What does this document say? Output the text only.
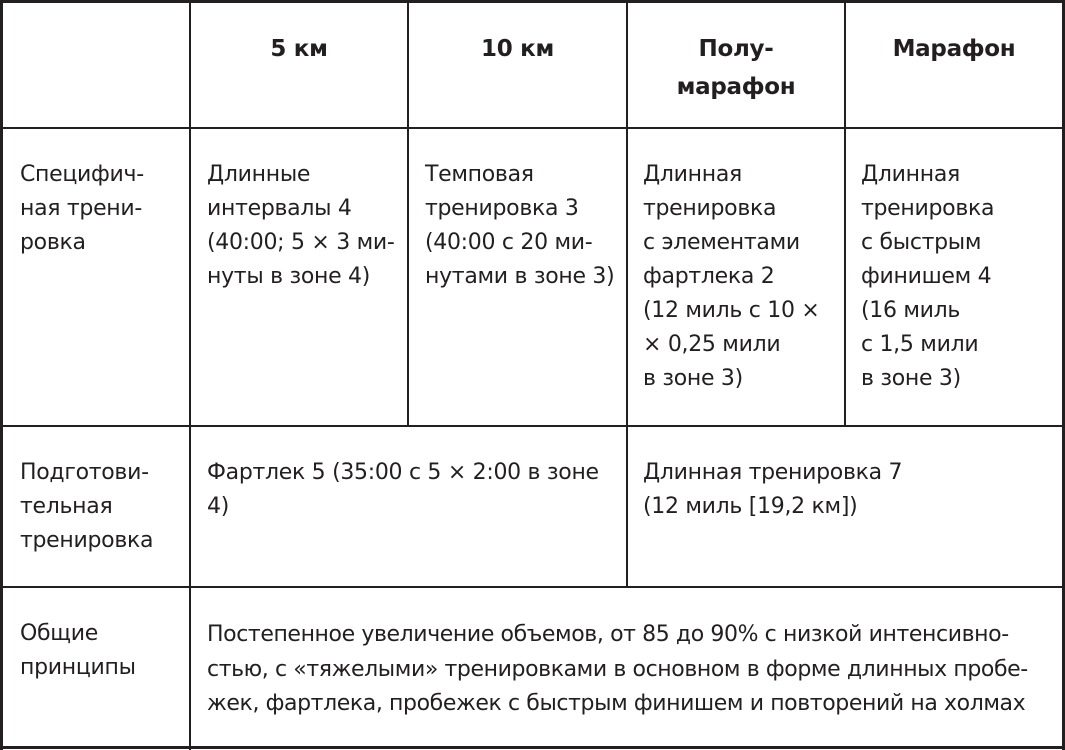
5 км	10 км	Полу-
марафон
Марафон
Специфич-
ная трени-
ровка
Длинные
интервалы 4
(40:00; 5 × 3 ми-
нуты в зоне 4)
Темповая
тренировка 3
(40:00 с 20 ми-
нутами в зоне 3)
Длинная
тренировка
с элементами
фартлека 2
(12 миль с 10 ×
× 0,25 мили
в зоне 3)
Длинная
тренировка
с быстрым
финишем 4
(16 миль
с 1,5 мили
в зоне 3)
Подготови-
тельная
тренировка
Фартлек 5 (35:00 с 5 × 2:00 в зоне 4)
Длинная тренировка 7
(12 миль [19,2 км])
Общие
принципы
Постепенное увеличение объемов, от 85 до 90% с низкой интенсивно-
стью, с «тяжелыми» тренировками в основном в форме длинных пробе-
жек, фартлека, пробежек с быстрым финишем и повторений на холмах
